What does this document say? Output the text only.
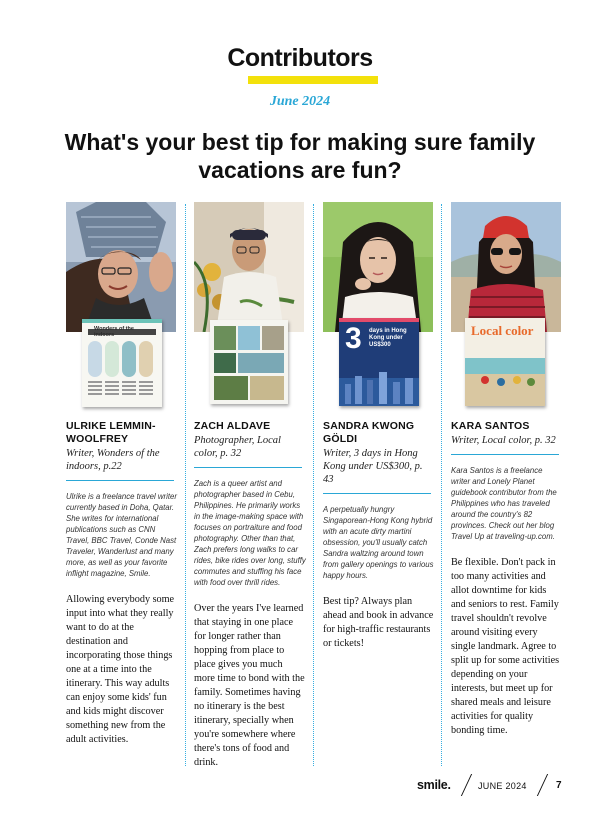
Contributors
June 2024
What's your best tip for making sure family vacations are fun?
ULRIKE LEMMIN-WOOLFREY
Writer, Wonders of the indoors, p.22
Ulrike is a freelance travel writer currently based in Doha, Qatar. She writes for international publications such as CNN Travel, BBC Travel, Conde Nast Traveler, Wanderlust and many more, as well as your favorite inflight magazine, Smile.
Allowing everybody some input into what they really want to do at the destination and incorporating those things one at a time into the itinerary. This way adults can enjoy some kids' fun and kids might discover something new from the adult activities.
ZACH ALDAVE
Photographer, Local color, p. 32
Zach is a queer artist and photographer based in Cebu, Philippines. He primarily works in the image-making space with focuses on portraiture and food photography. Other than that, Zach prefers long walks to car rides, bike rides over long, stuffy commutes and stuffing his face with food over thrill rides.
Over the years I've learned that staying in one place for longer rather than hopping from place to place gives you much more time to bond with the family. Sometimes having no itinerary is the best itinerary, specially when you're somewhere where there's tons of food and drink.
3 days in Hong Kong under US$300
SANDRA KWONG GÖLDI
Writer, 3 days in Hong Kong under US$300, p. 43
A perpetually hungry Singaporean-Hong Kong hybrid with an acute dirty martini obsession, you'll usually catch Sandra waltzing around town from gallery openings to various happy hours.
Best tip? Always plan ahead and book in advance for high-traffic restaurants or tickets!
Local color
KARA SANTOS
Writer, Local color, p. 32
Kara Santos is a freelance writer and Lonely Planet guidebook contributor from the Philippines who has traveled around the country's 82 provinces. Check out her blog Travel Up at traveling-up.com.
Be flexible. Don't pack in too many activities and allot downtime for kids and seniors to rest. Family travel shouldn't revolve around visiting every single landmark. Agree to split up for some activities depending on your interests, but meet up for shared meals and leisure activities for quality bonding time.
Wonders of the indoors
smile.	JUNE 2024	7
